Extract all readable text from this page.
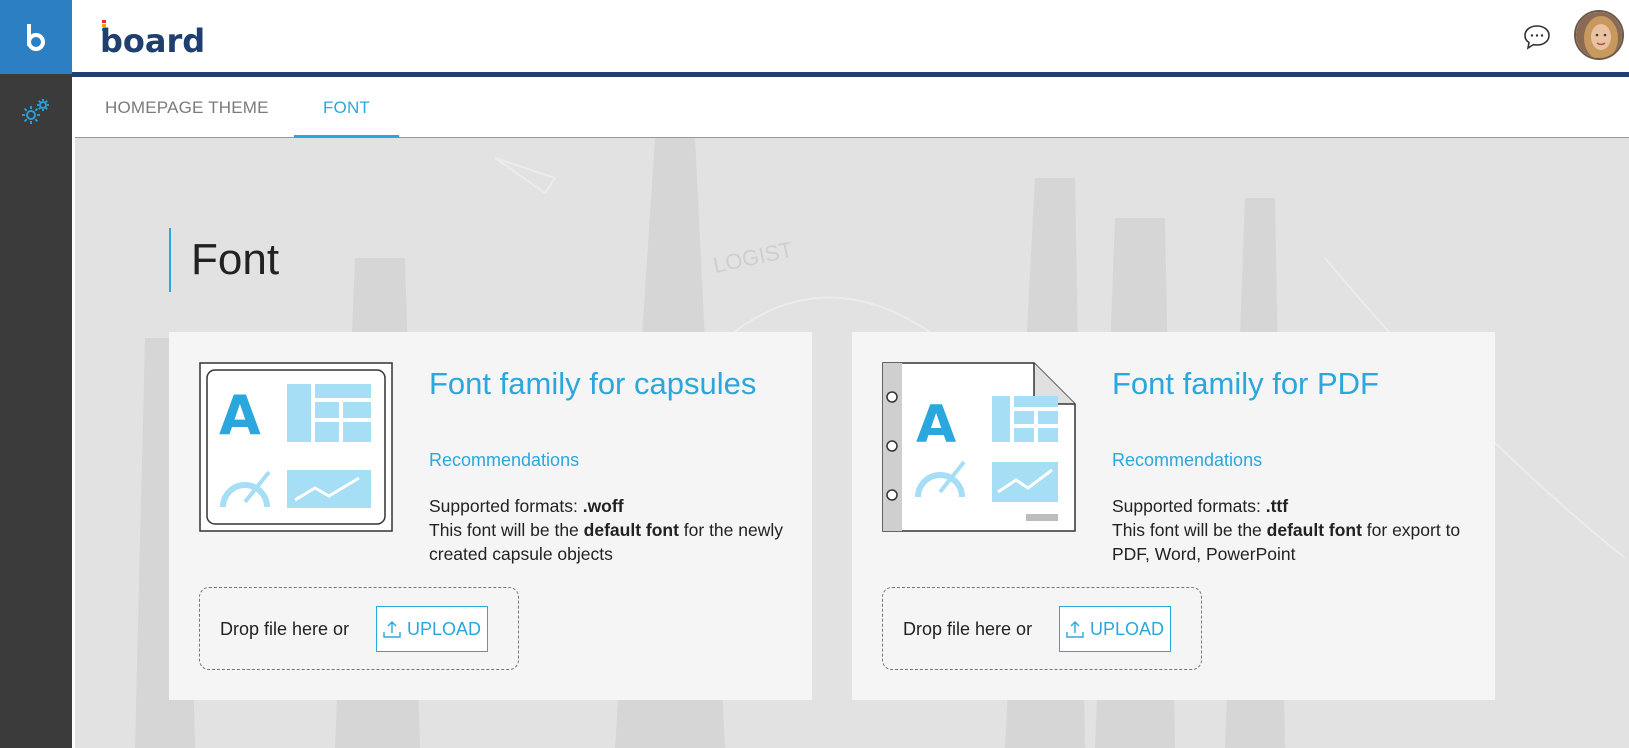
board
HOMEPAGE THEME	FONT
LOGIST
Font
A
Font family for capsules
Recommendations
Supported formats: .woff
This font will be the default font for the newly created capsule objects
Drop file here or	UPLOAD
A
Font family for PDF
Recommendations
Supported formats: .ttf
This font will be the default font for export to PDF, Word, PowerPoint
Drop file here or	UPLOAD
